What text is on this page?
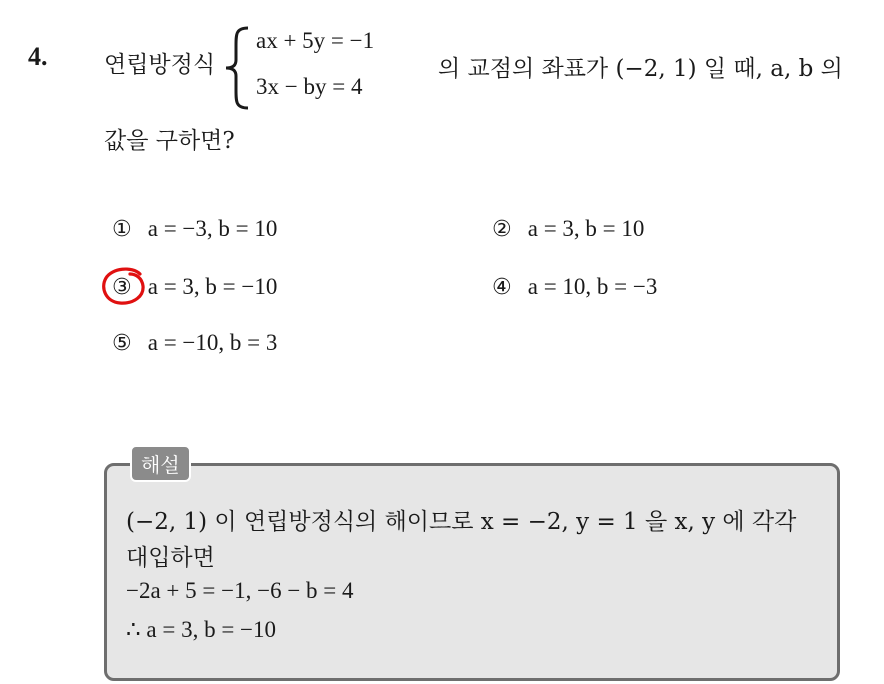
4. 연립방정식
ax + 5y = −1
3x − by = 4
의 교점의 좌표가 (−2, 1) 일 때, a, b 의
값을 구하면?
① a = −3, b = 10	② a = 3, b = 10
③ a = 3, b = −10	④ a = 10, b = −3
⑤ a = −10, b = 3
해설
(−2, 1) 이 연립방정식의 해이므로 x = −2, y = 1 을 x, y 에 각각
대입하면
−2a + 5 = −1, −6 − b = 4
∴ a = 3, b = −10
